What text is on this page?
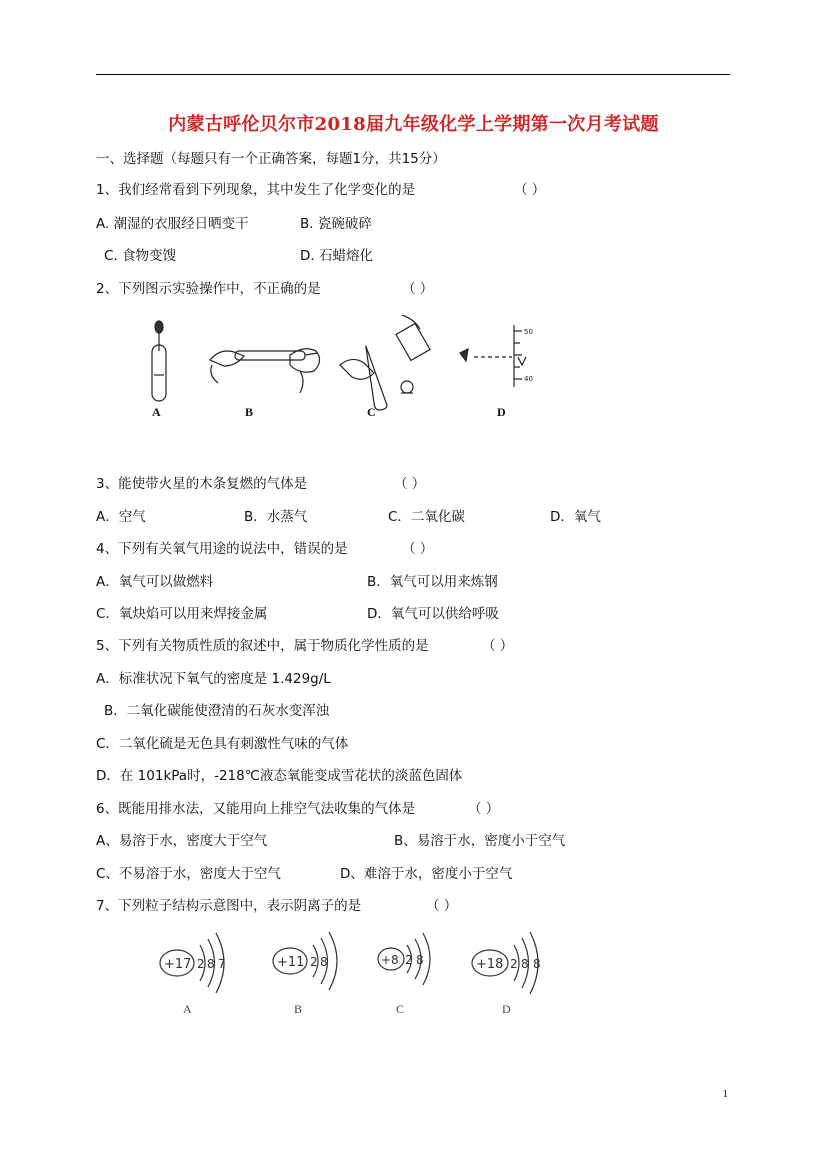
内蒙古呼伦贝尔市2018届九年级化学上学期第一次月考试题
一、选择题（每题只有一个正确答案，每题1分，共15分）
1、我们经常看到下列现象，其中发生了化学变化的是	（ ）
A. 潮湿的衣服经日晒变干	B. 瓷碗破碎
C. 食物变馊	D. 石蜡熔化
2、下列图示实验操作中，不正确的是	（ ）
50
40
A	B	C	D
3、能使带火星的木条复燃的气体是	（ ）
A．空气	B．水蒸气	C．二氧化碳	D．氧气
4、下列有关氧气用途的说法中，错误的是	（ ）
A．氧气可以做燃料	B．氧气可以用来炼钢
C．氧炔焰可以用来焊接金属	D．氧气可以供给呼吸
5、下列有关物质性质的叙述中，属于物质化学性质的是	（ ）
A．标准状况下氧气的密度是 1.429g/L
B．二氧化碳能使澄清的石灰水变浑浊
C．二氧化硫是无色具有刺激性气味的气体
D．在 101kPa时，-218℃液态氧能变成雪花状的淡蓝色固体
6、既能用排水法，又能用向上排空气法收集的气体是	（ ）
A、易溶于水，密度大于空气	B、易溶于水，密度小于空气
C、不易溶于水，密度大于空气	D、难溶于水，密度小于空气
7、下列粒子结构示意图中，表示阴离子的是	（ ）
+17 2 8 7	+11 2 8	+8 2 8	+18 2 8 8
A	B	C	D
1
